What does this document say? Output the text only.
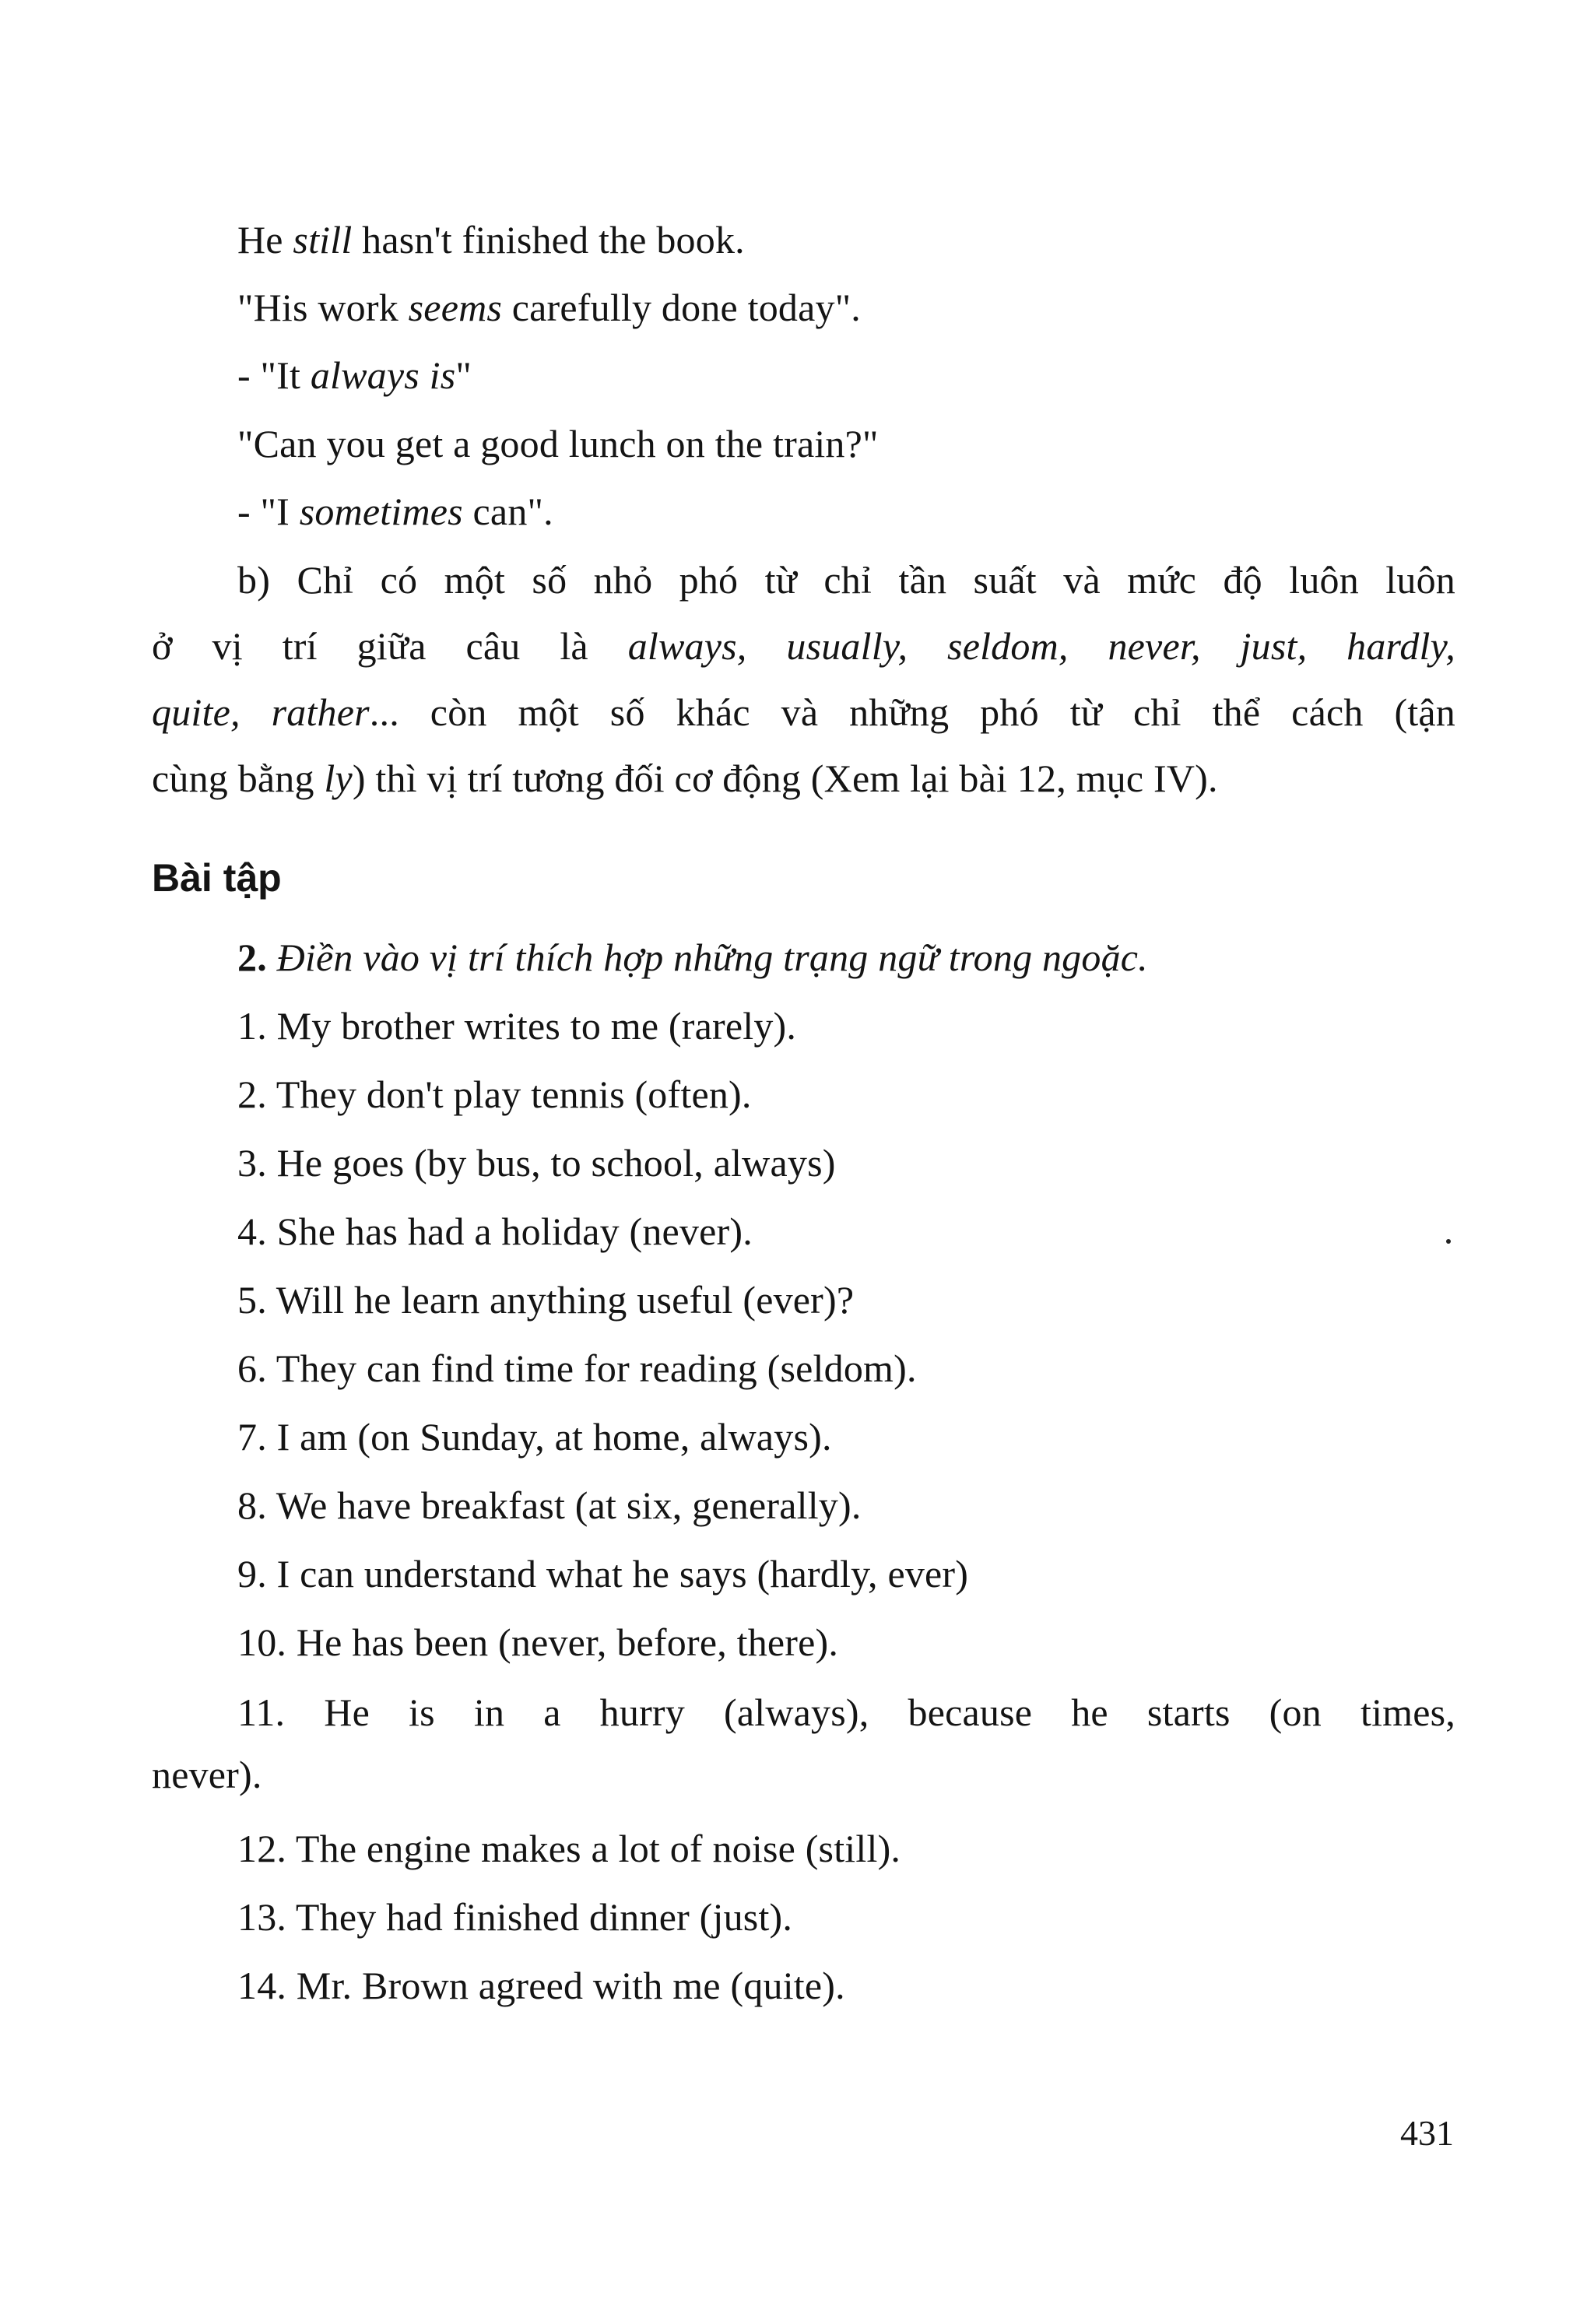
He still hasn't finished the book.
"His work seems carefully done today".
- "It always is"
"Can you get a good lunch on the train?"
- "I sometimes can".
b) Chỉ có một số nhỏ phó từ chỉ tần suất và mức độ luôn luôn
ở vị trí giữa câu là always, usually, seldom, never, just, hardly,
quite, rather... còn một số khác và những phó từ chỉ thể cách (tận
cùng bằng ly) thì vị trí tương đối cơ động (Xem lại bài 12, mục IV).
Bài tập
2. Điền vào vị trí thích hợp những trạng ngữ trong ngoặc.
1. My brother writes to me (rarely).
2. They don't play tennis (often).
3. He goes (by bus, to school, always)
4. She has had a holiday (never).
5. Will he learn anything useful (ever)?
6. They can find time for reading (seldom).
7. I am (on Sunday, at home, always).
8. We have breakfast (at six, generally).
9. I can understand what he says (hardly, ever)
10. He has been (never, before, there).
11. He is in a hurry (always), because he starts (on times,
never).
12. The engine makes a lot of noise (still).
13. They had finished dinner (just).
14. Mr. Brown agreed with me (quite).
431
